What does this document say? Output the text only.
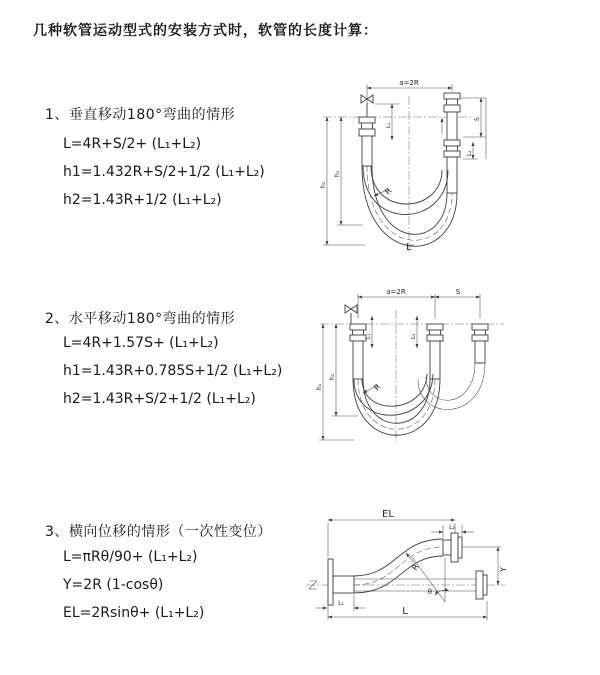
几种软管运动型式的安装方式时，软管的长度计算：
1、垂直移动180°弯曲的情形
L=4R+S/2+ (L₁+L₂)
h1=1.432R+S/2+1/2 (L₁+L₂)
h2=1.43R+1/2 (L₁+L₂)
2、水平移动180°弯曲的情形
L=4R+1.57S+ (L₁+L₂)
h1=1.43R+0.785S+1/2 (L₁+L₂)
h2=1.43R+S/2+1/2 (L₁+L₂)
3、横向位移的情形（一次性变位）
L=πRθ/90+ (L₁+L₂)
Y=2R (1-cosθ)
EL=2Rsinθ+ (L₁+L₂)
a=2R
h₁
h₂
L₁
S
L₂
R
L
a=2R	S
h₁
h₂
L₁	L₂
R
EL
L₂
Y
θ
R
L₁
L
